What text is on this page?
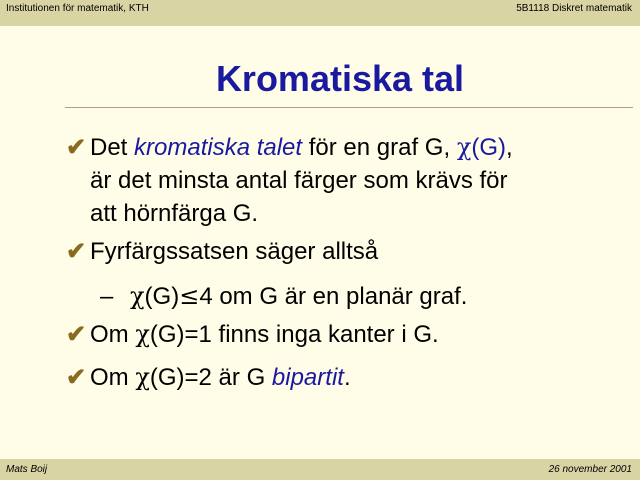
Institutionen för matematik, KTH	5B1118 Diskret matematik
Kromatiska tal
✔ Det kromatiska talet för en graf G, χ(G),
är det minsta antal färger som krävs för
att hörnfärga G.
✔ Fyrfärgssatsen säger alltså
– χ(G)≤4 om G är en planär graf.
✔ Om χ(G)=1 finns inga kanter i G.
✔ Om χ(G)=2 är G bipartit.
Mats Boij	26 november 2001
